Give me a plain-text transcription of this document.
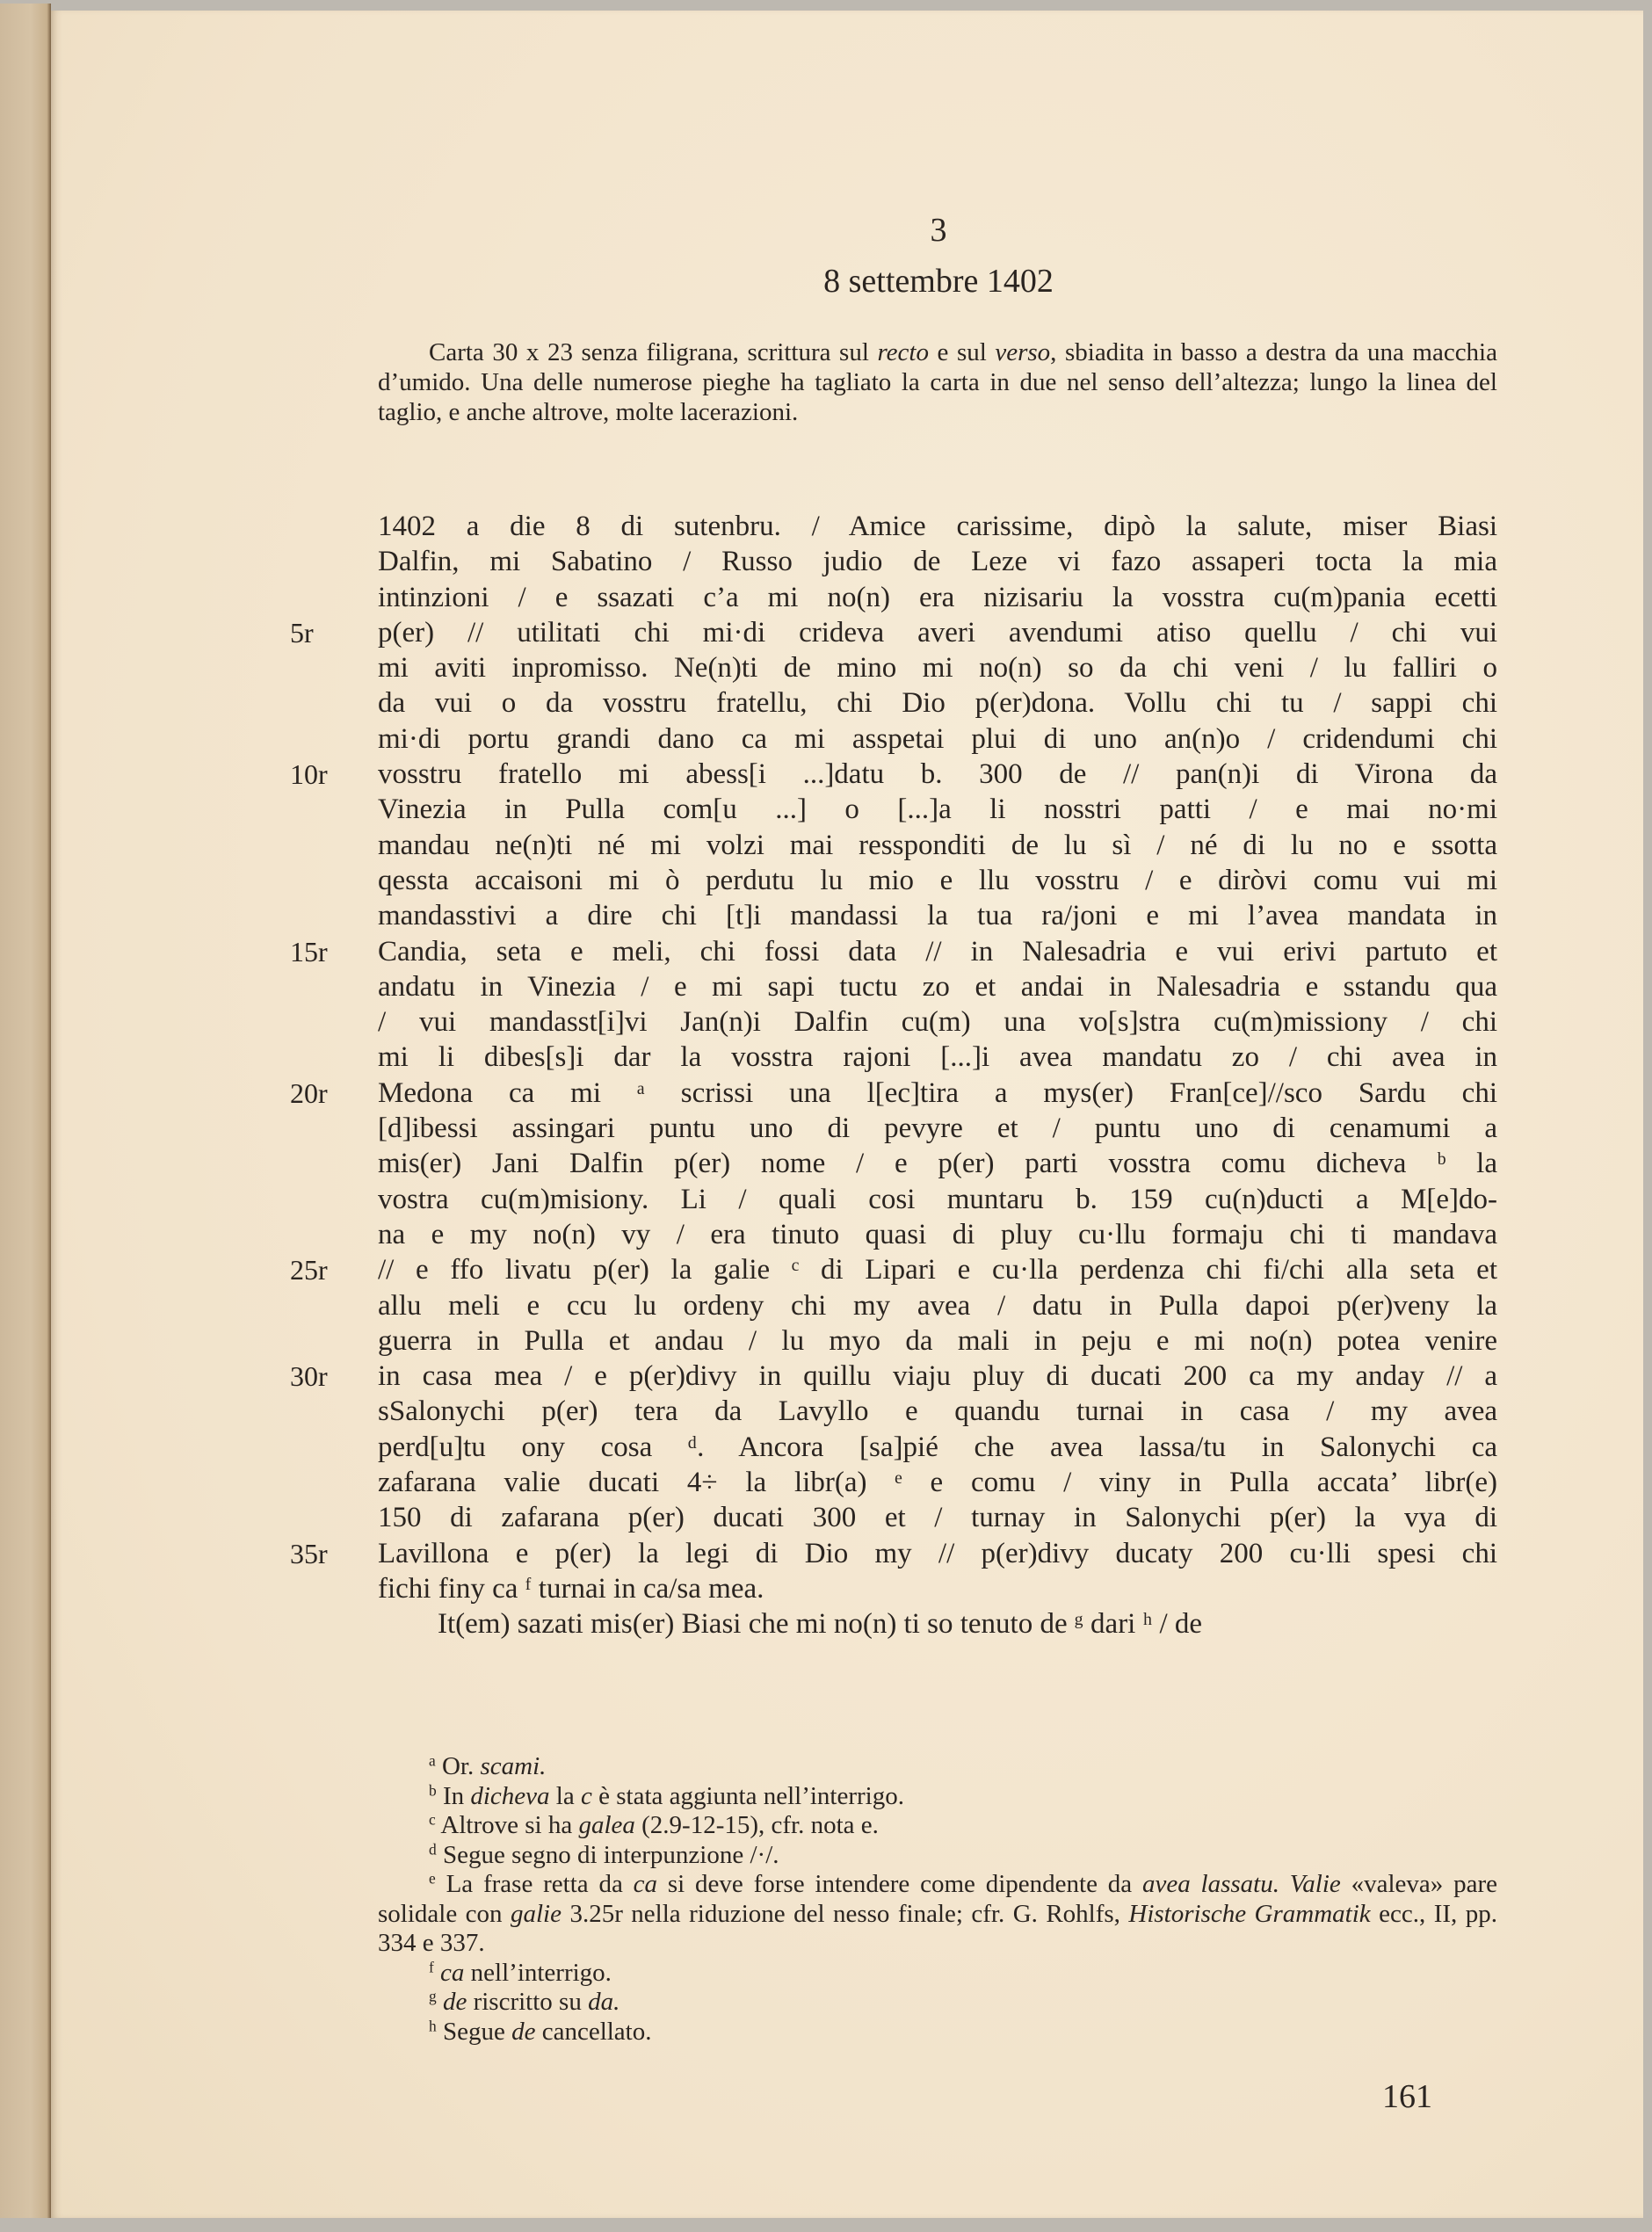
3
8 settembre 1402

Carta 30 x 23 senza filigrana, scrittura sul recto e sul verso, sbiadita in basso a destra da una macchia d’umido. Una delle numerose pieghe ha tagliato la carta in due nel senso dell’altezza; lungo la linea del taglio, e anche altrove, molte lacerazioni.

1402 a die 8 di sutenbru. / Amice carissime, dipò la salute, miser Biasi
Dalfin, mi Sabatino / Russo judio de Leze vi fazo assaperi tocta la mia
intinzioni / e ssazati c’a mi no(n) era nizisariu la vosstra cu(m)pania ecetti
5r	p(er) // utilitati chi mi·di crideva averi avendumi atiso quellu / chi vui
mi aviti inpromisso. Ne(n)ti de mino mi no(n) so da chi veni / lu falliri o
da vui o da vosstru fratellu, chi Dio p(er)dona. Vollu chi tu / sappi chi
mi·di portu grandi dano ca mi asspetai plui di uno an(n)o / cridendumi chi
10r	vosstru fratello mi abess[i ...]datu b. 300 de // pan(n)i di Virona da
Vinezia in Pulla com[u ...] o [...]a li nosstri patti / e mai no·mi
mandau ne(n)ti né mi volzi mai ressponditi de lu sì / né di lu no e ssotta
qessta accaisoni mi ò perdutu lu mio e llu vosstru / e diròvi comu vui mi
mandasstivi a dire chi [t]i mandassi la tua ra/joni e mi l’avea mandata in
15r	Candia, seta e meli, chi fossi data // in Nalesadria e vui erivi partuto et
andatu in Vinezia / e mi sapi tuctu zo et andai in Nalesadria e sstandu qua
/ vui mandasst[i]vi Jan(n)i Dalfin cu(m) una vo[s]stra cu(m)missiony / chi
mi li dibes[s]i dar la vosstra rajoni [...]i avea mandatu zo / chi avea in
20r	Medona ca mi ᵃ scrissi una l[ec]tira a mys(er) Fran[ce]//sco Sardu chi
[d]ibessi assingari puntu uno di pevyre et / puntu uno di cenamumi a
mis(er) Jani Dalfin p(er) nome / e p(er) parti vosstra comu dicheva ᵇ la
vostra cu(m)misiony. Li / quali cosi muntaru b. 159 cu(n)ducti a M[e]do-
na e my no(n) vy / era tinuto quasi di pluy cu·llu formaju chi ti mandava
25r	// e ffo livatu p(er) la galie ᶜ di Lipari e cu·lla perdenza chi fi/chi alla seta et
allu meli e ccu lu ordeny chi my avea / datu in Pulla dapoi p(er)veny la
guerra in Pulla et andau / lu myo da mali in peju e mi no(n) potea venire
30r	in casa mea / e p(er)divy in quillu viaju pluy di ducati 200 ca my anday // a
sSalonychi p(er) tera da Lavyllo e quandu turnai in casa / my avea
perd[u]tu ony cosa ᵈ. Ancora [sa]pié che avea lassa/tu in Salonychi ca
zafarana valie ducati 4÷ la libr(a) ᵉ e comu / viny in Pulla accata’ libr(e)
150 di zafarana p(er) ducati 300 et / turnay in Salonychi p(er) la vya di
35r	Lavillona e p(er) la legi di Dio my // p(er)divy ducaty 200 cu·lli spesi chi
fichi finy ca ᶠ turnai in ca/sa mea.
It(em) sazati mis(er) Biasi che mi no(n) ti so tenuto de ᵍ dari ʰ / de

$^a$ Or. scami.

$^b$ In dicheva la c è stata aggiunta nell’interrigo.

$^c$ Altrove si ha galea (2.9-12-15), cfr. nota e.

$^d$ Segue segno di interpunzione /·/.

$^e$ La frase retta da ca si deve forse intendere come dipendente da avea lassatu. Valie «valeva» pare solidale con galie 3.25r nella riduzione del nesso finale; cfr. G. Rohlfs, Historische Grammatik ecc., II, pp. 334 e 337.

$^f$ ca nell’interrigo.

$^g$ de riscritto su da.

$^h$ Segue de cancellato.

161
